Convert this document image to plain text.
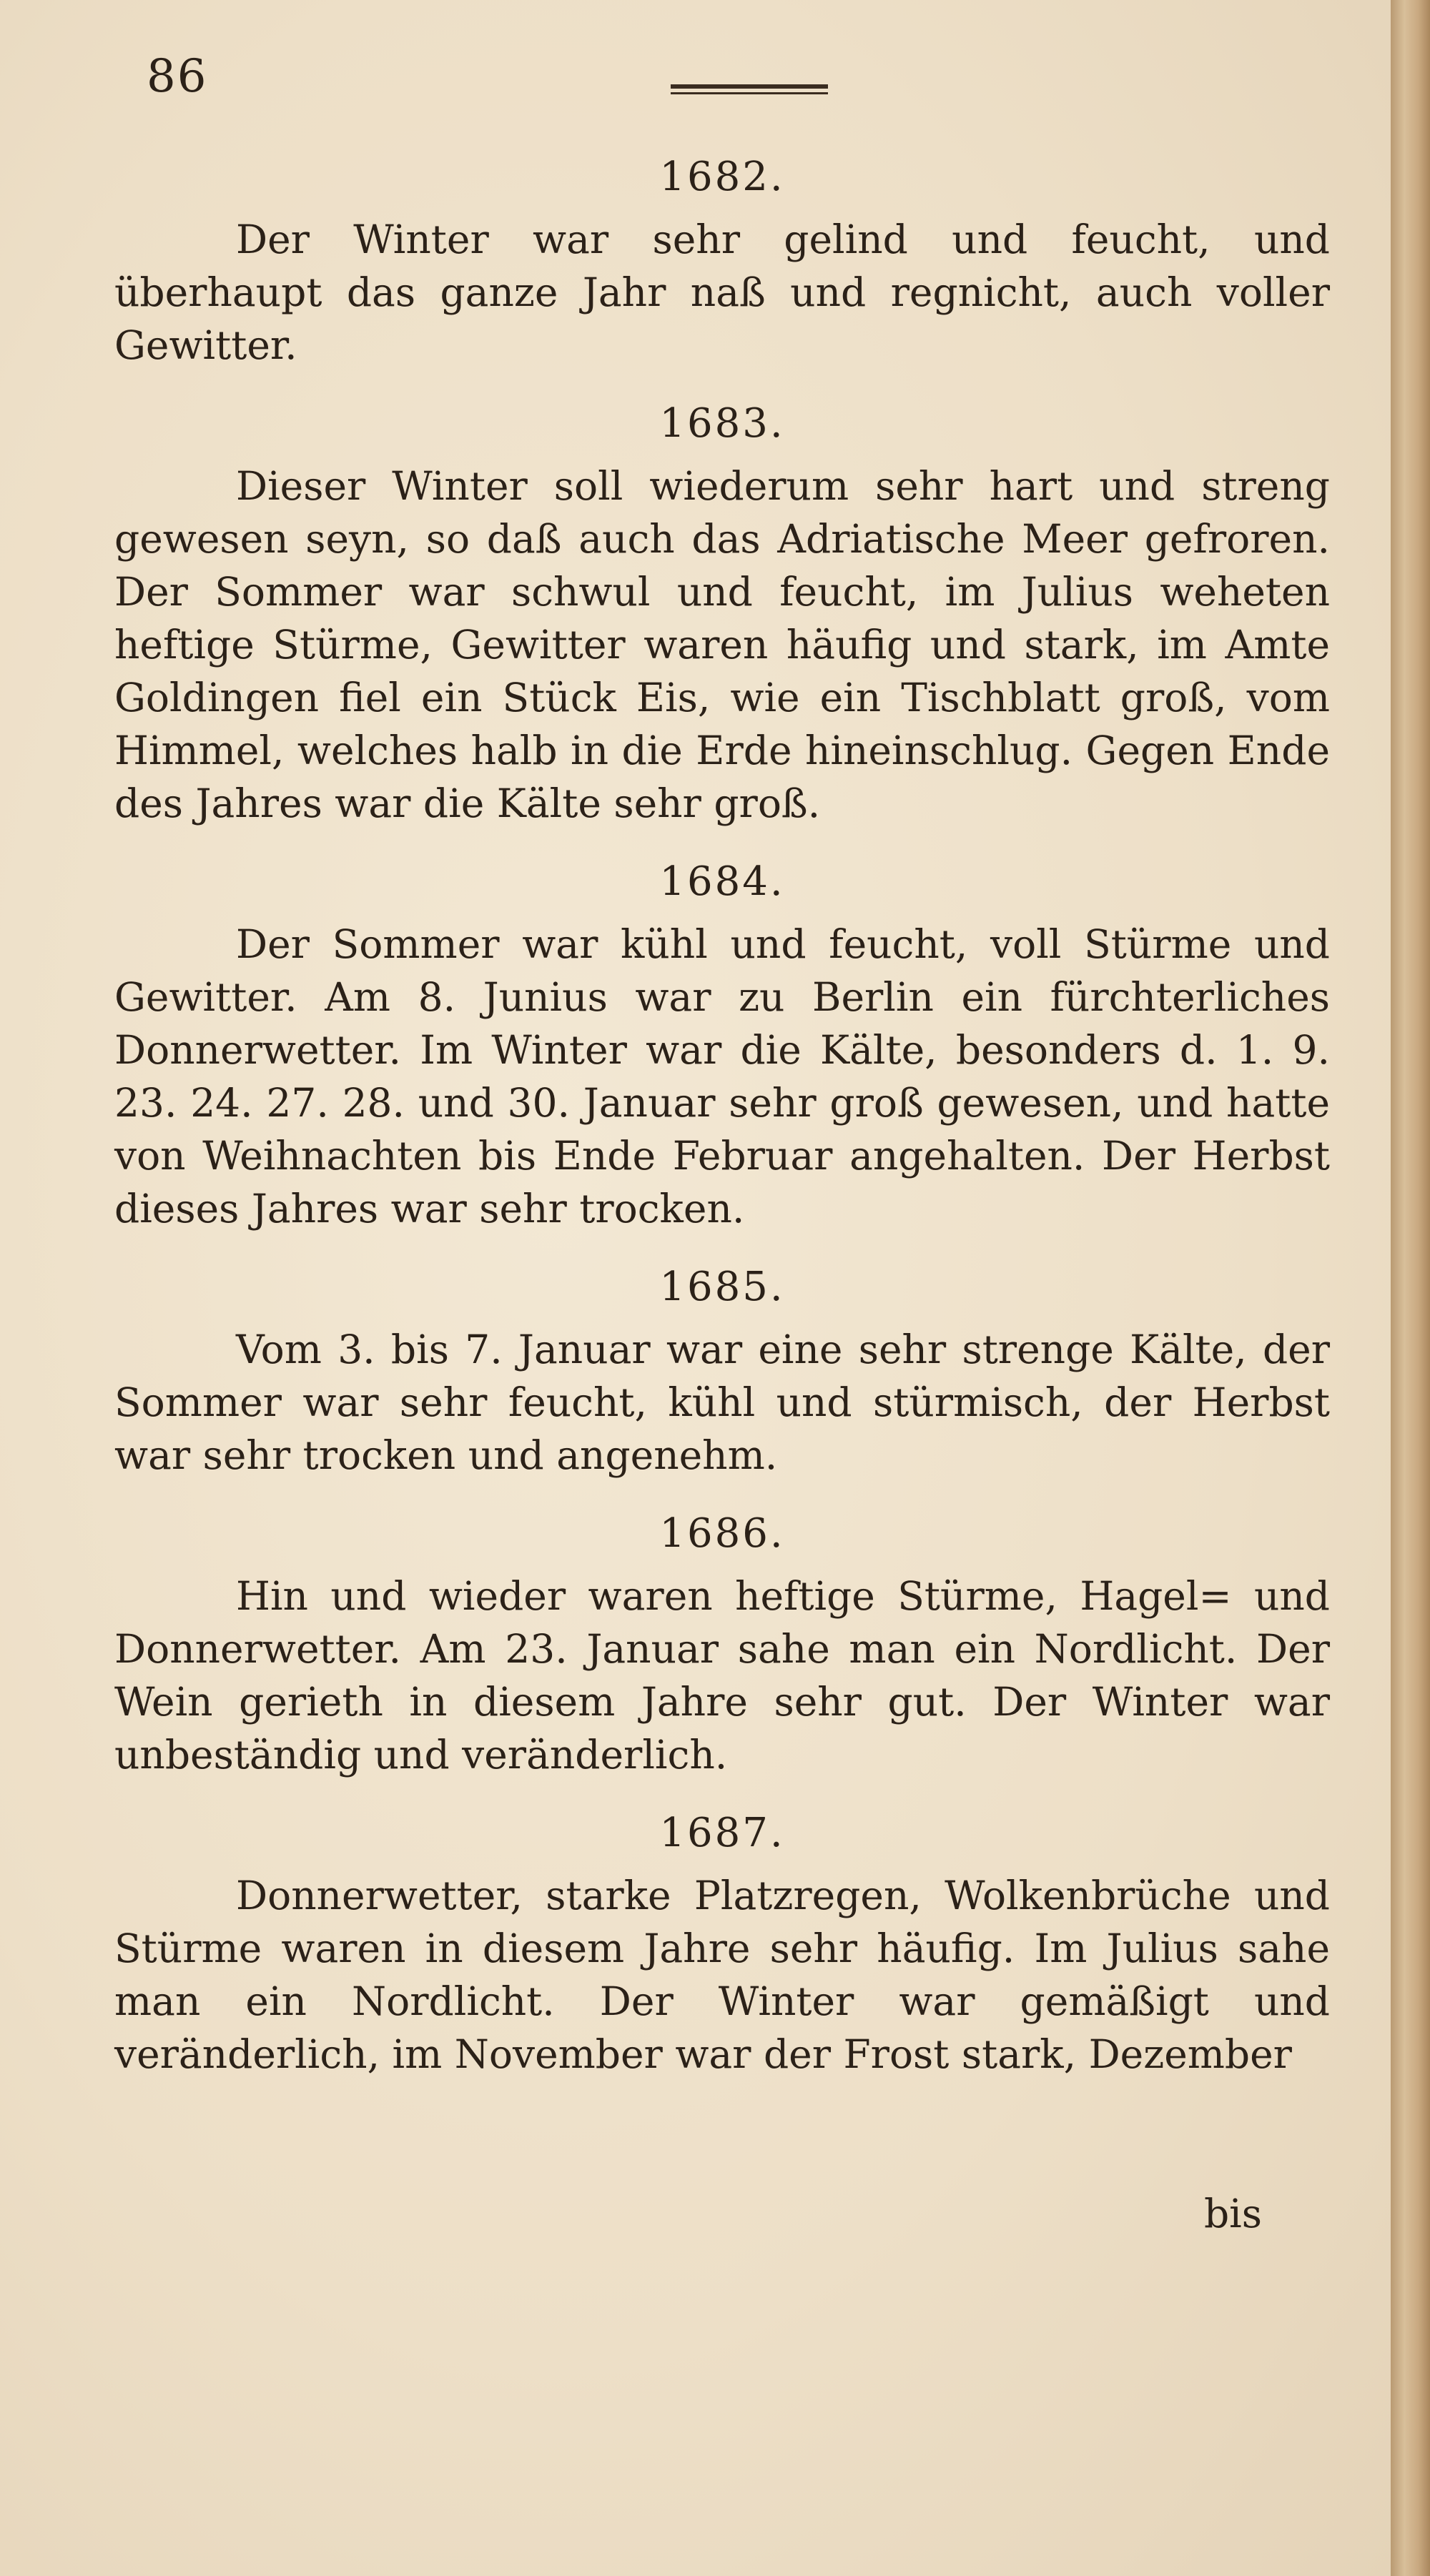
86
1682.
Der Winter war sehr gelind und feucht, und überhaupt das ganze Jahr naß und regnicht, auch voller Gewitter.
1683.
Dieser Winter soll wiederum sehr hart und streng gewesen seyn, so daß auch das Adriatische Meer gefroren. Der Sommer war schwul und feucht, im Julius weheten heftige Stürme, Gewitter waren häufig und stark, im Amte Goldingen fiel ein Stück Eis, wie ein Tischblatt groß, vom Himmel, welches halb in die Erde hineinschlug. Gegen Ende des Jahres war die Kälte sehr groß.
1684.
Der Sommer war kühl und feucht, voll Stürme und Gewitter. Am 8. Junius war zu Berlin ein fürchterliches Donnerwetter. Im Winter war die Kälte, besonders d. 1. 9. 23. 24. 27. 28. und 30. Januar sehr groß gewesen, und hatte von Weihnachten bis Ende Februar angehalten. Der Herbst dieses Jahres war sehr trocken.
1685.
Vom 3. bis 7. Januar war eine sehr strenge Kälte, der Sommer war sehr feucht, kühl und stürmisch, der Herbst war sehr trocken und angenehm.
1686.
Hin und wieder waren heftige Stürme, Hagel= und Donnerwetter. Am 23. Januar sahe man ein Nordlicht. Der Wein gerieth in diesem Jahre sehr gut. Der Winter war unbeständig und veränderlich.
1687.
Donnerwetter, starke Platzregen, Wolkenbrüche und Stürme waren in diesem Jahre sehr häufig. Im Julius sahe man ein Nordlicht. Der Winter war gemäßigt und veränderlich, im November war der Frost stark, Dezember
bis
